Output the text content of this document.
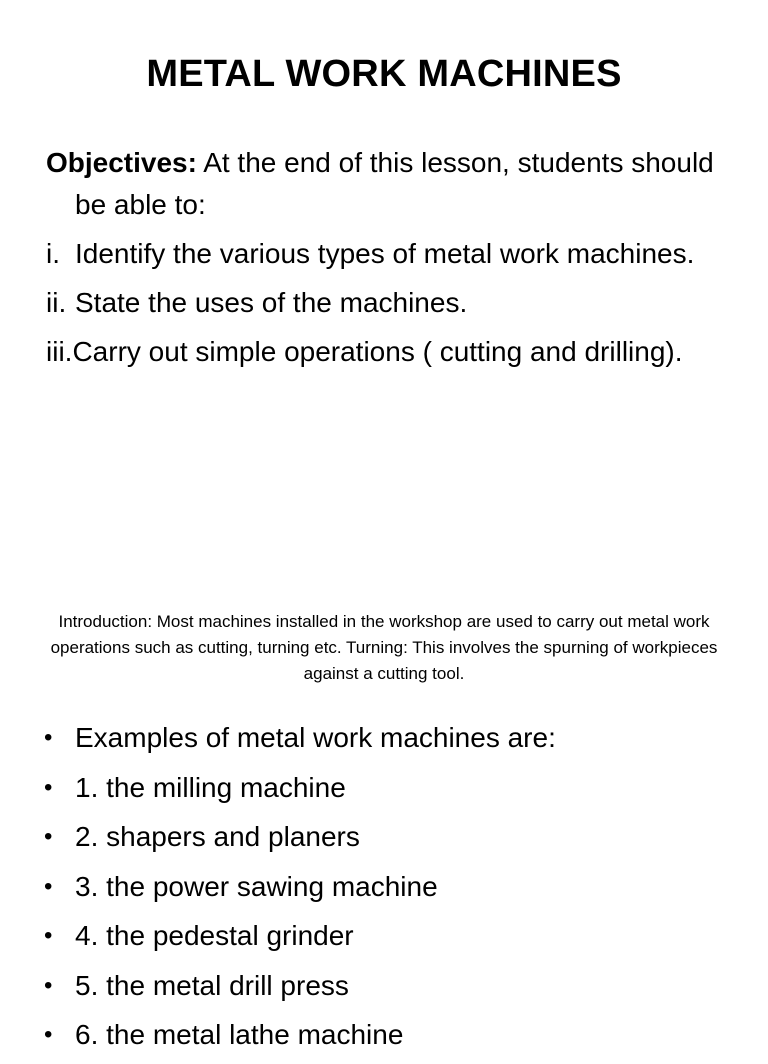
METAL WORK MACHINES

Objectives: At the end of this lesson, students should be able to:

i. Identify the various types of metal work machines.

ii. State the uses of the machines.

iii.Carry out simple operations ( cutting and drilling).

Introduction: Most machines installed in the workshop are used to carry out metal work operations such as cutting, turning etc. Turning: This involves the spurning of workpieces against a cutting tool.
• Examples of metal work machines are:
• 1. the milling machine
• 2. shapers and planers
• 3. the power sawing machine
• 4. the pedestal grinder
• 5. the metal drill press
• 6. the metal lathe machine
